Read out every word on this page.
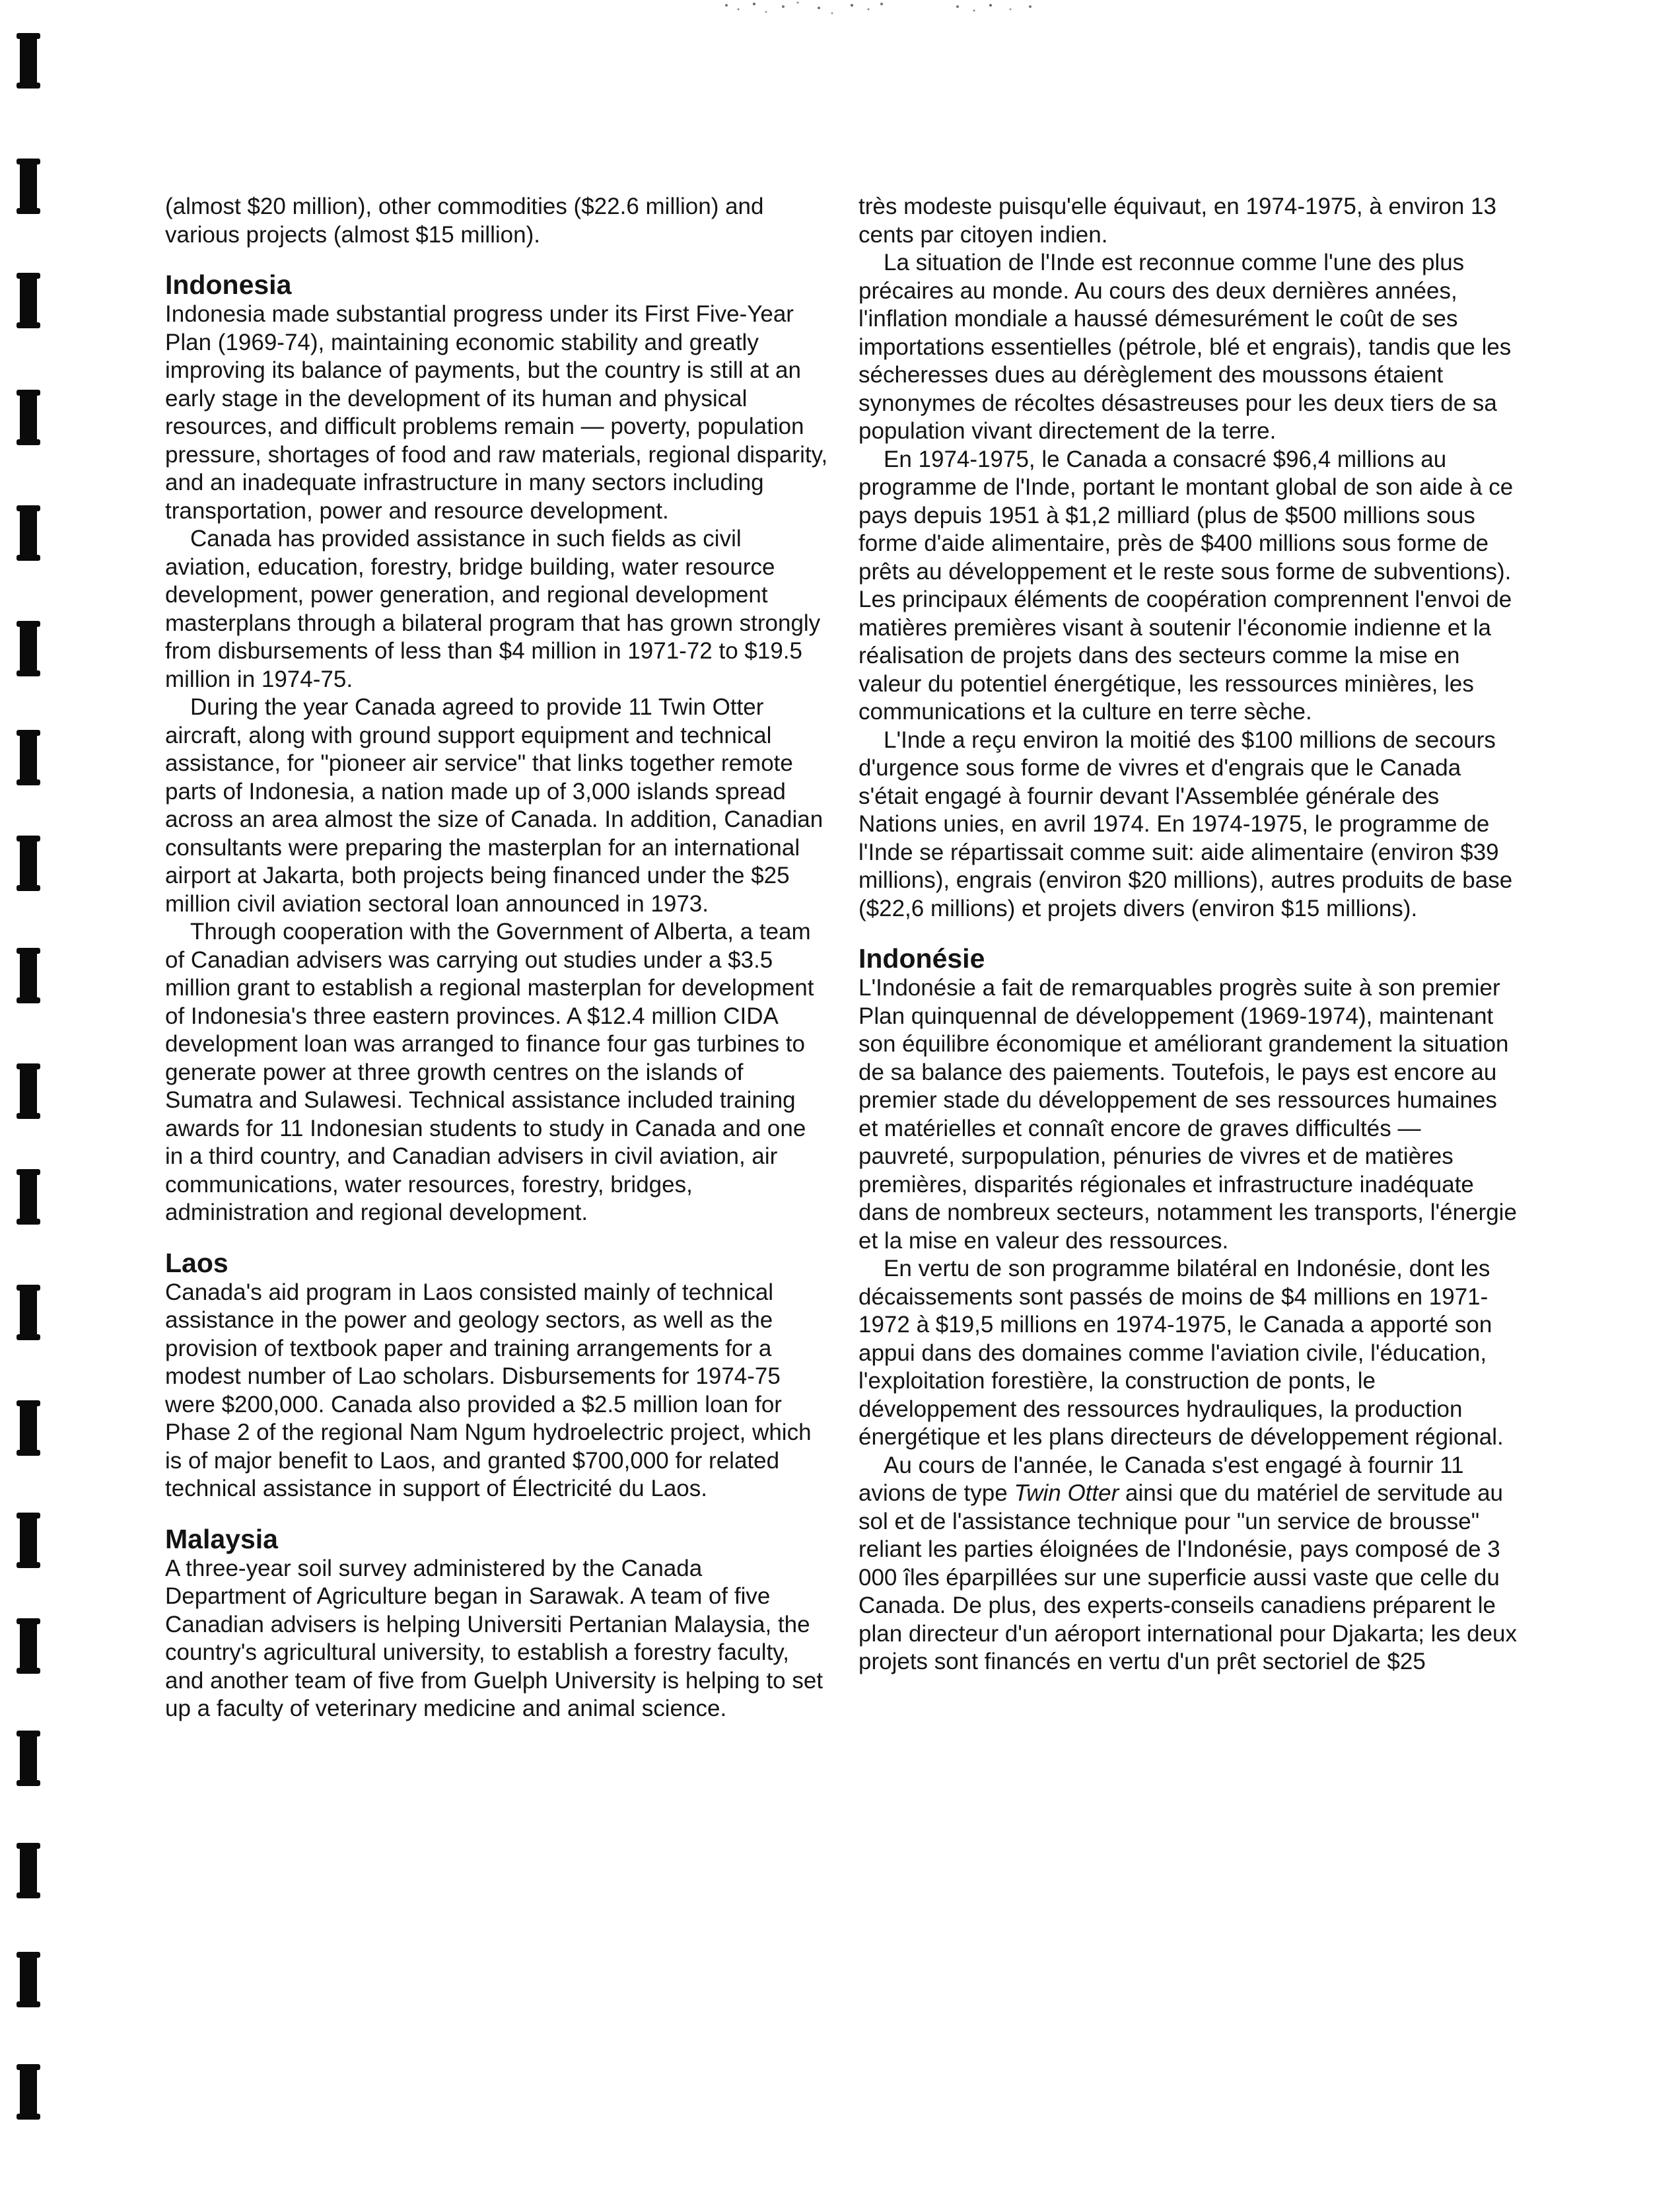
(almost $20 million), other commodities ($22.6 million) and various projects (almost $15 million).

Indonesia

Indonesia made substantial progress under its First Five-Year Plan (1969-74), maintaining economic stability and greatly improving its balance of payments, but the country is still at an early stage in the development of its human and physical resources, and difficult problems remain — poverty, population pressure, shortages of food and raw materials, regional disparity, and an inadequate infrastructure in many sectors including transportation, power and resource development.

Canada has provided assistance in such fields as civil aviation, education, forestry, bridge building, water resource development, power generation, and regional development masterplans through a bilateral program that has grown strongly from disbursements of less than $4 million in 1971-72 to $19.5 million in 1974-75.

During the year Canada agreed to provide 11 Twin Otter aircraft, along with ground support equipment and technical assistance, for "pioneer air service" that links together remote parts of Indonesia, a nation made up of 3,000 islands spread across an area almost the size of Canada. In addition, Canadian consultants were preparing the masterplan for an international airport at Jakarta, both projects being financed under the $25 million civil aviation sectoral loan announced in 1973.

Through cooperation with the Government of Alberta, a team of Canadian advisers was carrying out studies under a $3.5 million grant to establish a regional masterplan for development of Indonesia's three eastern provinces. A $12.4 million CIDA development loan was arranged to finance four gas turbines to generate power at three growth centres on the islands of Sumatra and Sulawesi. Technical assistance included training awards for 11 Indonesian students to study in Canada and one in a third country, and Canadian advisers in civil aviation, air communications, water resources, forestry, bridges, administration and regional development.

Laos

Canada's aid program in Laos consisted mainly of technical assistance in the power and geology sectors, as well as the provision of textbook paper and training arrangements for a modest number of Lao scholars. Disbursements for 1974-75 were $200,000. Canada also provided a $2.5 million loan for Phase 2 of the regional Nam Ngum hydroelectric project, which is of major benefit to Laos, and granted $700,000 for related technical assistance in support of Électricité du Laos.

Malaysia

A three-year soil survey administered by the Canada Department of Agriculture began in Sarawak. A team of five Canadian advisers is helping Universiti Pertanian Malaysia, the country's agricultural university, to establish a forestry faculty, and another team of five from Guelph University is helping to set up a faculty of veterinary medicine and animal science.

très modeste puisqu'elle équivaut, en 1974-1975, à environ 13 cents par citoyen indien.

La situation de l'Inde est reconnue comme l'une des plus précaires au monde. Au cours des deux dernières années, l'inflation mondiale a haussé démesurément le coût de ses importations essentielles (pétrole, blé et engrais), tandis que les sécheresses dues au dérèglement des moussons étaient synonymes de récoltes désastreuses pour les deux tiers de sa population vivant directement de la terre.

En 1974-1975, le Canada a consacré $96,4 millions au programme de l'Inde, portant le montant global de son aide à ce pays depuis 1951 à $1,2 milliard (plus de $500 millions sous forme d'aide alimentaire, près de $400 millions sous forme de prêts au développement et le reste sous forme de subventions). Les principaux éléments de coopération comprennent l'envoi de matières premières visant à soutenir l'économie indienne et la réalisation de projets dans des secteurs comme la mise en valeur du potentiel énergétique, les ressources minières, les communications et la culture en terre sèche.

L'Inde a reçu environ la moitié des $100 millions de secours d'urgence sous forme de vivres et d'engrais que le Canada s'était engagé à fournir devant l'Assemblée générale des Nations unies, en avril 1974. En 1974-1975, le programme de l'Inde se répartissait comme suit: aide alimentaire (environ $39 millions), engrais (environ $20 millions), autres produits de base ($22,6 millions) et projets divers (environ $15 millions).

Indonésie

L'Indonésie a fait de remarquables progrès suite à son premier Plan quinquennal de développement (1969-1974), maintenant son équilibre économique et améliorant grandement la situation de sa balance des paiements. Toutefois, le pays est encore au premier stade du développement de ses ressources humaines et matérielles et connaît encore de graves difficultés — pauvreté, surpopulation, pénuries de vivres et de matières premières, disparités régionales et infrastructure inadéquate dans de nombreux secteurs, notamment les transports, l'énergie et la mise en valeur des ressources.

En vertu de son programme bilatéral en Indonésie, dont les décaissements sont passés de moins de $4 millions en 1971-1972 à $19,5 millions en 1974-1975, le Canada a apporté son appui dans des domaines comme l'aviation civile, l'éducation, l'exploitation forestière, la construction de ponts, le développement des ressources hydrauliques, la production énergétique et les plans directeurs de développement régional.

Au cours de l'année, le Canada s'est engagé à fournir 11 avions de type Twin Otter ainsi que du matériel de servitude au sol et de l'assistance technique pour "un service de brousse" reliant les parties éloignées de l'Indonésie, pays composé de 3 000 îles éparpillées sur une superficie aussi vaste que celle du Canada. De plus, des experts-conseils canadiens préparent le plan directeur d'un aéroport international pour Djakarta; les deux projets sont financés en vertu d'un prêt sectoriel de $25
